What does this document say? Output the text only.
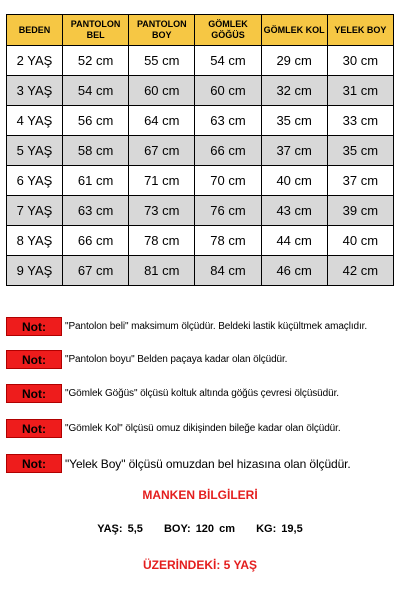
BEDEN	PANTOLON BEL	PANTOLON BOY	GÖMLEK GÖĞÜS	GÖMLEK KOL	YELEK BOY
2 YAŞ	52 cm	55 cm	54 cm	29 cm	30 cm
3 YAŞ	54 cm	60 cm	60 cm	32 cm	31 cm
4 YAŞ	56 cm	64 cm	63 cm	35 cm	33 cm
5 YAŞ	58 cm	67 cm	66 cm	37 cm	35 cm
6 YAŞ	61 cm	71 cm	70 cm	40 cm	37 cm
7 YAŞ	63 cm	73 cm	76 cm	43 cm	39 cm
8 YAŞ	66 cm	78 cm	78 cm	44 cm	40 cm
9 YAŞ	67 cm	81 cm	84 cm	46 cm	42 cm
Not:	"Pantolon beli" maksimum ölçüdür. Beldeki lastik küçültmek amaçlıdır.
Not:	"Pantolon boyu" Belden paçaya kadar olan ölçüdür.
Not:	"Gömlek Göğüs" ölçüsü koltuk altında göğüs çevresi ölçüsüdür.
Not:	"Gömlek Kol" ölçüsü omuz dikişinden bileğe kadar olan ölçüdür.
Not:	"Yelek Boy" ölçüsü omuzdan bel hizasına olan ölçüdür.
MANKEN BİLGİLERİ
YAŞ: 5,5 BOY: 120 cm KG: 19,5
ÜZERİNDEKİ: 5 YAŞ
